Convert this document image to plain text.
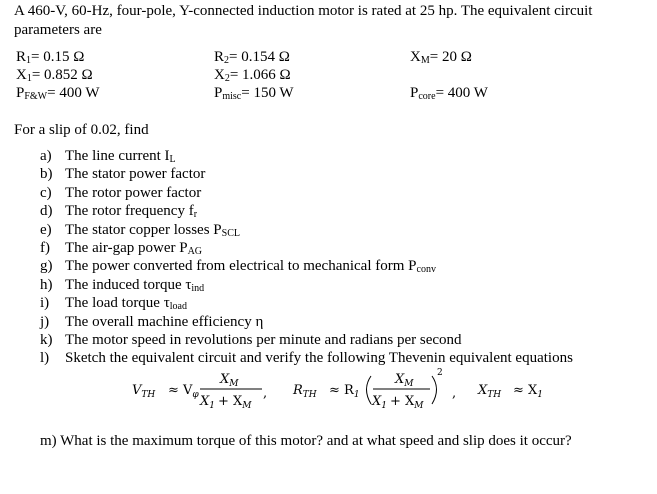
A 460-V, 60-Hz, four-pole, Y-connected induction motor is rated at 25 hp. The equivalent circuit parameters are
$R_1= 0.15$ Ω	$R_2= 0.154$ Ω	$X_M= 20$ Ω
$X_1= 0.852$ Ω	$X_2= 1.066$ Ω
$P_{F\&W}= 400$ W	$P_{misc}= 150$ W	$P_{core}= 400$ W
For a slip of 0.02, find
a) The line current $I_L$
b) The stator power factor
c) The rotor power factor
d) The rotor frequency $f_r$
e) The stator copper losses $P_{SCL}$
f)	The air-gap power $P_{AG}$
g) The power converted from electrical to mechanical form $P_{conv}$
h) The induced torque $\tau_{ind}$
i)	The load torque $\tau_{load}$
j)	The overall machine efficiency η
k) The motor speed in revolutions per minute and radians per second
l)	Sketch the equivalent circuit and verify the following Thevenin equivalent equations
$V_{TH} \approx V_\varphi$
$X_M$
$X_1 + X_M$
, $R_{TH} \approx R_1$
$X_M$
$X_1 + X_M$
2
, $X_{TH} \approx X_1$
m) What is the maximum torque of this motor? and at what speed and slip does it occur?
